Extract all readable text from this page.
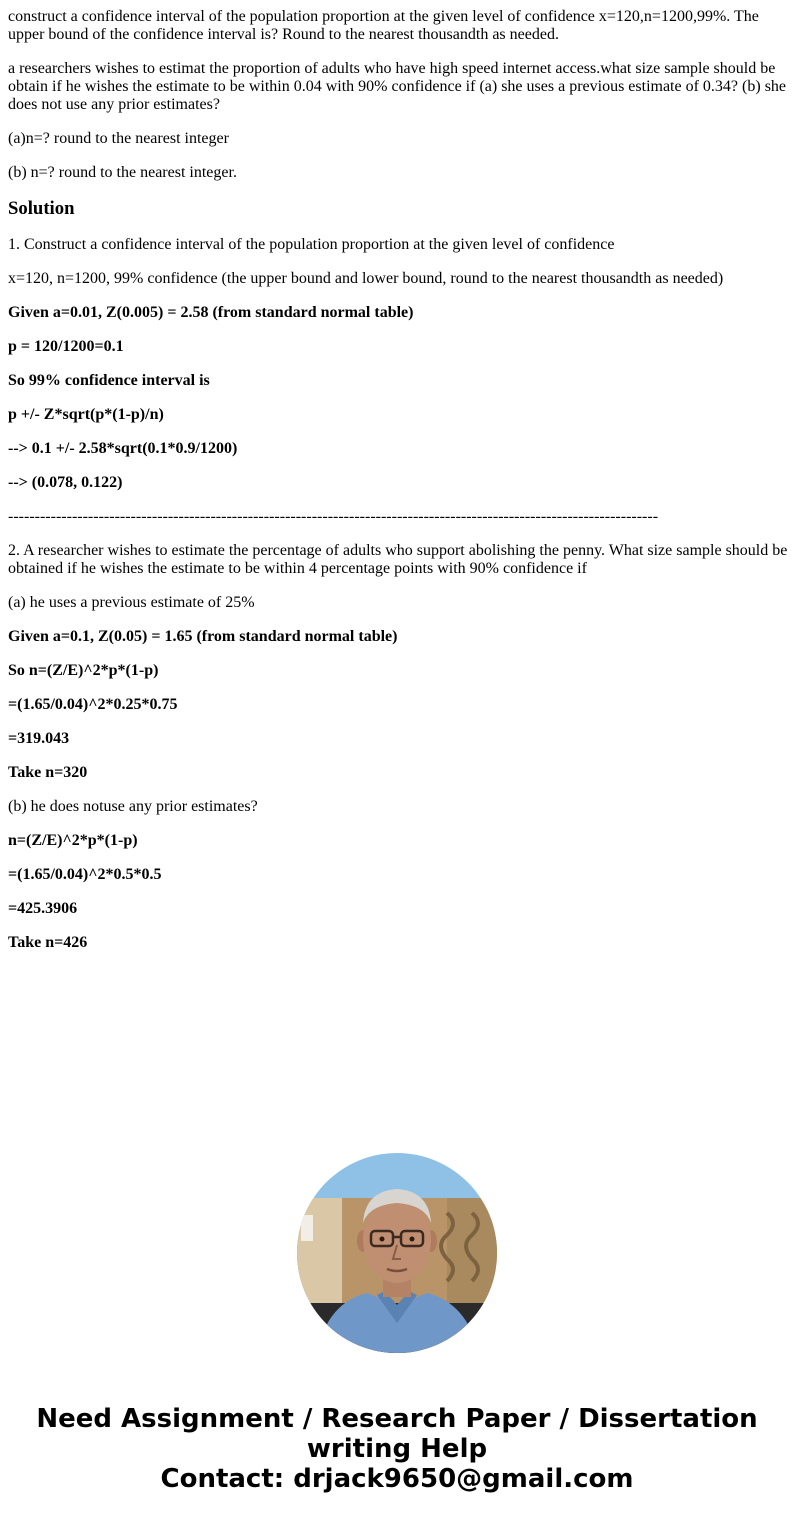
construct a confidence interval of the population proportion at the given level of confidence x=120,n=1200,99%. The upper bound of the confidence interval is? Round to the nearest thousandth as needed.

a researchers wishes to estimat the proportion of adults who have high speed internet access.what size sample should be obtain if he wishes the estimate to be within 0.04 with 90% confidence if (a) she uses a previous estimate of 0.34? (b) she does not use any prior estimates?

(a)n=? round to the nearest integer

(b) n=? round to the nearest integer.

Solution

1. Construct a confidence interval of the population proportion at the given level of confidence

x=120, n=1200, 99% confidence (the upper bound and lower bound, round to the nearest thousandth as needed)

Given a=0.01, Z(0.005) = 2.58 (from standard normal table)

p = 120/1200=0.1

So 99% confidence interval is

p +/- Z*sqrt(p*(1-p)/n)

--> 0.1 +/- 2.58*sqrt(0.1*0.9/1200)

--> (0.078, 0.122)

--------------------------------------------------------------------------------------------------------------------------

2. A researcher wishes to estimate the percentage of adults who support abolishing the penny. What size sample should be obtained if he wishes the estimate to be within 4 percentage points with 90% confidence if

(a) he uses a previous estimate of 25%

Given a=0.1, Z(0.05) = 1.65 (from standard normal table)

So n=(Z/E)^2*p*(1-p)

=(1.65/0.04)^2*0.25*0.75

=319.043

Take n=320

(b) he does notuse any prior estimates?

n=(Z/E)^2*p*(1-p)

=(1.65/0.04)^2*0.5*0.5

=425.3906

Take n=426

Need Assignment / Research Paper / Dissertation
writing Help
Contact: drjack9650@gmail.com
